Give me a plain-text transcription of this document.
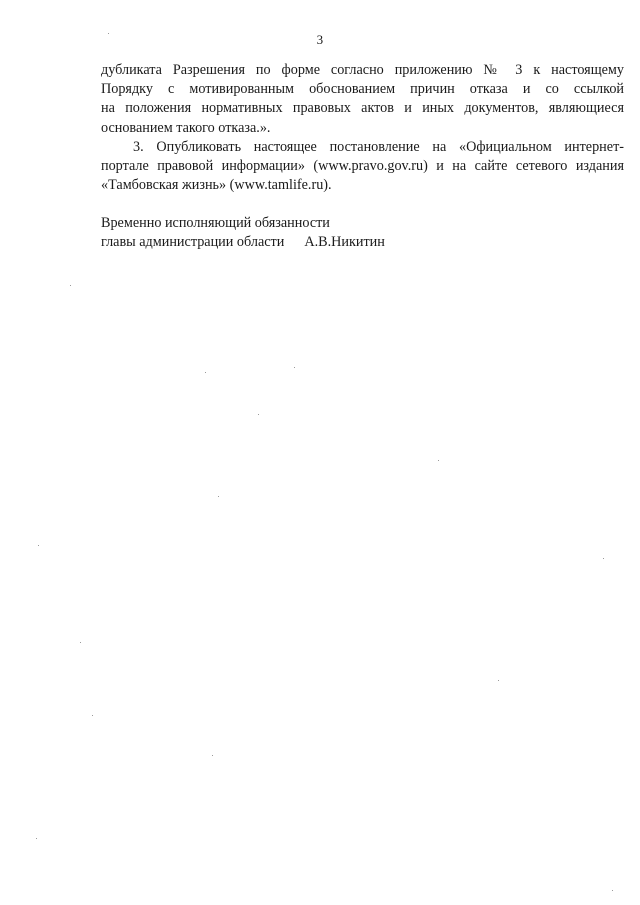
3

дубликата Разрешения по форме согласно приложению № 3 к настоящему
Порядку с мотивированным обоснованием причин отказа и со ссылкой
на положения нормативных правовых актов и иных документов, являющиеся
основанием такого отказа.».

3. Опубликовать настоящее постановление на «Официальном интернет-
портале правовой информации» (www.pravo.gov.ru) и на сайте сетевого издания
«Тамбовская жизнь» (www.tamlife.ru).

Временно исполняющий обязанности
главы администрации области А.В.Никитин
